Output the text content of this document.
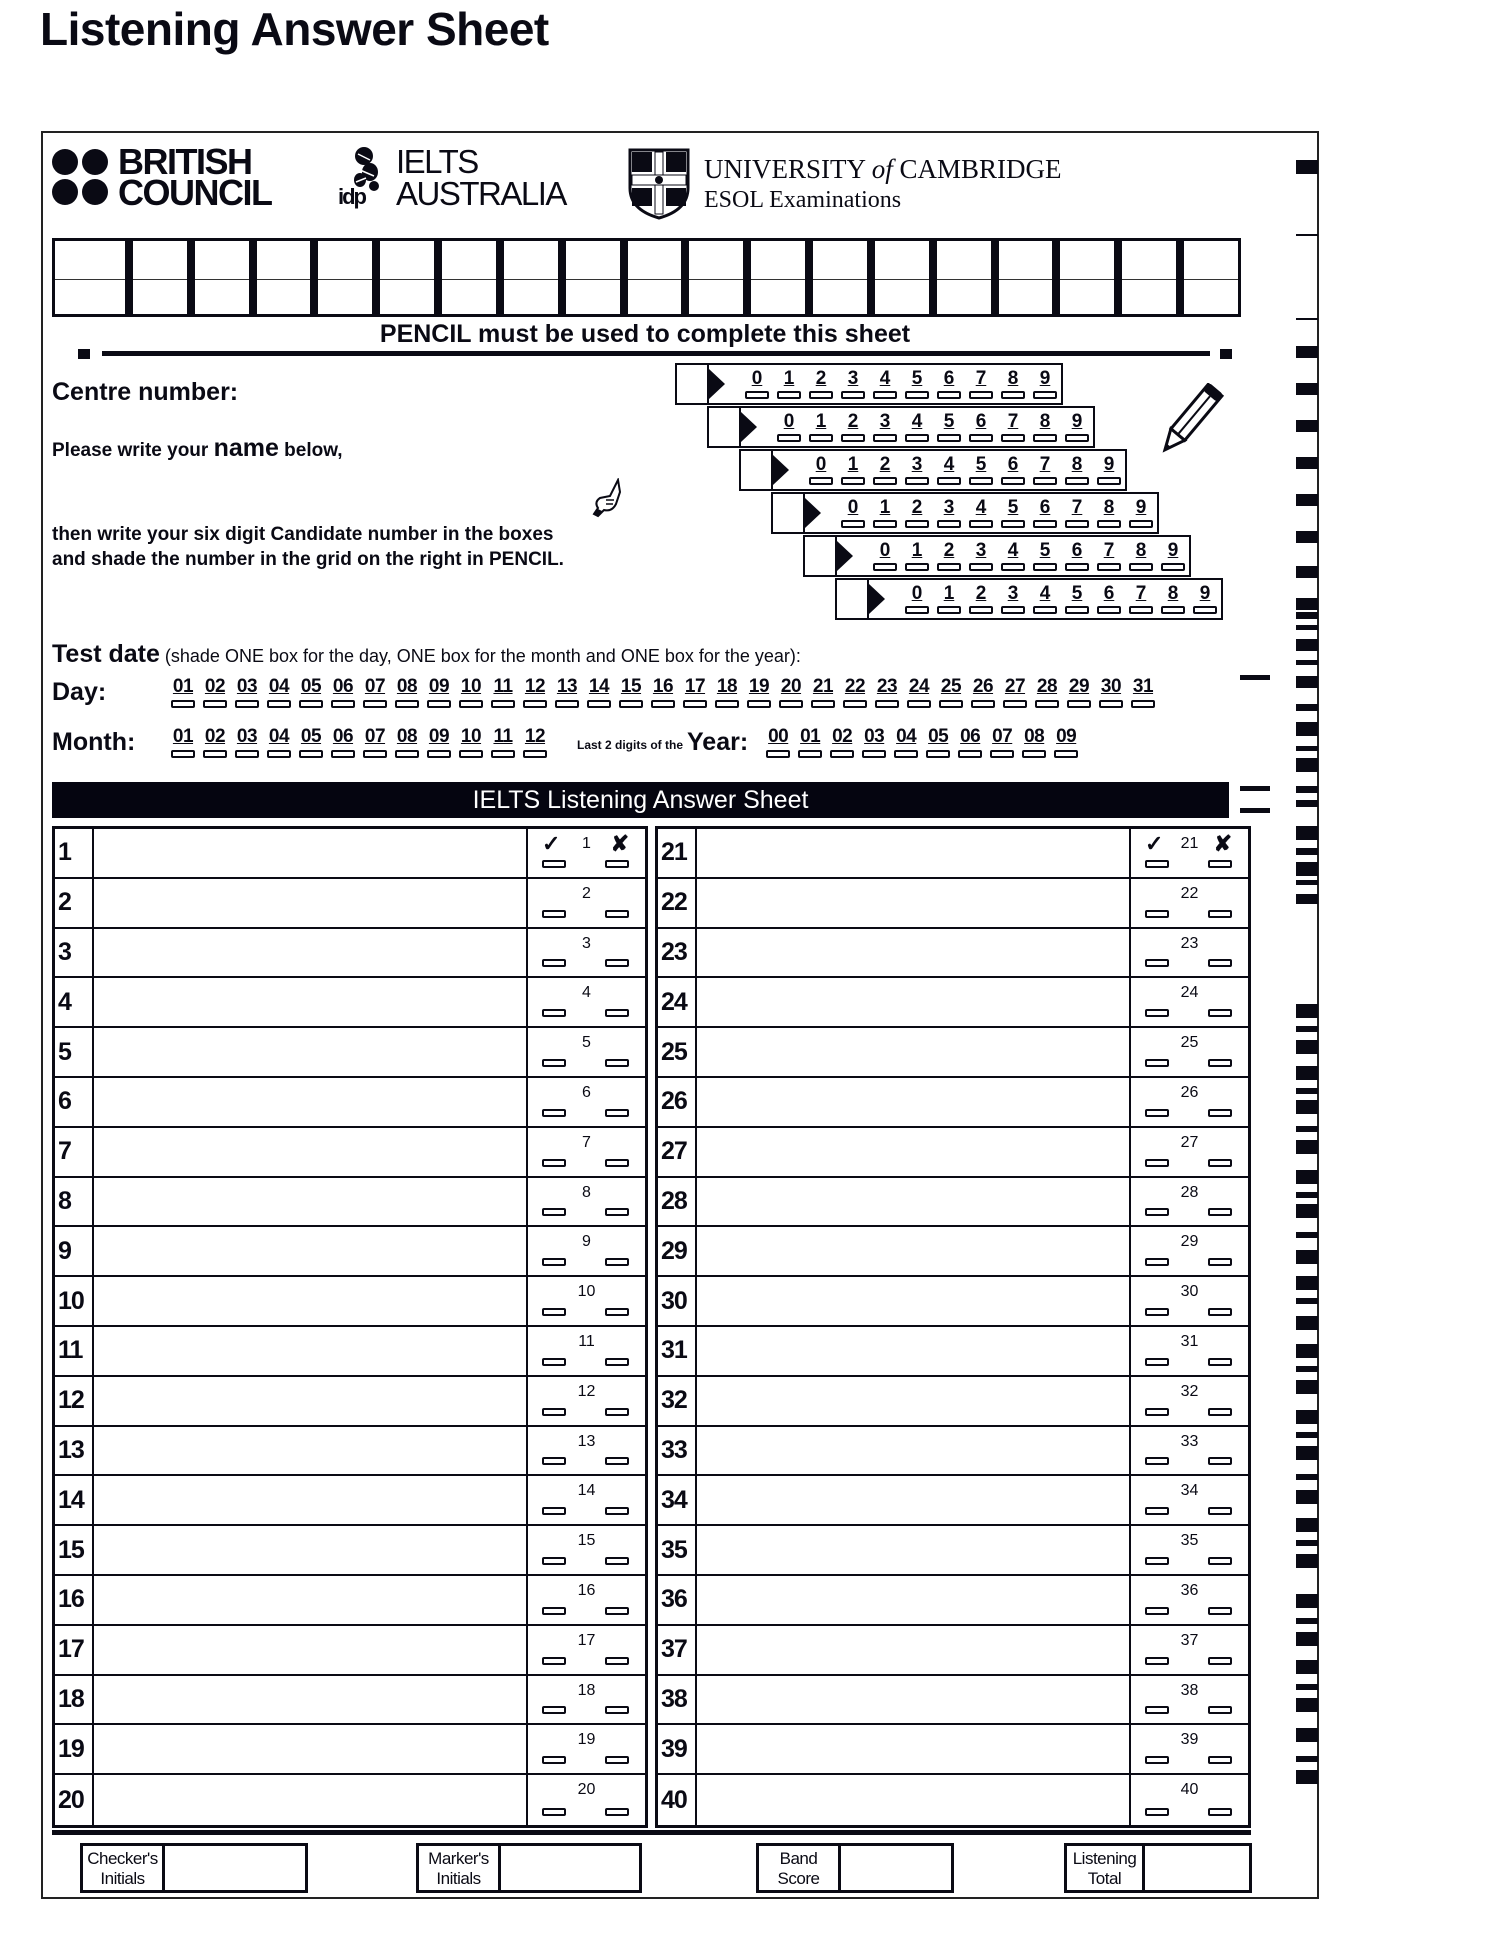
Listening Answer Sheet
BRITISH
COUNCIL	idp
IELTS
AUSTRALIA
UNIVERSITY of CAMBRIDGE
ESOL Examinations
PENCIL must be used to complete this sheet
Centre number:
Please write your name below,
then write your six digit Candidate number in the boxes
and shade the number in the grid on the right in PENCIL.
0 1 2 3 4 5 6 7 8 9
0 1 2 3 4 5 6 7 8 9
0 1 2 3 4 5 6 7 8 9
0 1 2 3 4 5 6 7 8 9
0 1 2 3 4 5 6 7 8 9
0 1 2 3 4 5 6 7 8 9
Test date (shade ONE box for the day, ONE box for the month and ONE box for the year):
Day:	01 02 03 04 05 06 07 08 09 10 11 12 13 14 15 16 17 18 19 20 21 22 23 24 25 26 27 28 29 30 31
Month:	01 02 03 04 05 06 07 08 09 10 11 12	Last 2 digits of the Year: 00 01 02 03 04 05 06 07 08 09
IELTS Listening Answer Sheet
1	1
✓ ✘
2	2
3	3
4	4
5	5
6	6
7	7
8	8
9	9
10	10
11	11
12	12
13	13
14	14
15	15
16	16
17	17
18	18
19	19
20	20
21	21
✓ ✘
22	22
23	23
24	24
25	25
26	26
27	27
28	28
29	29
30	30
31	31
32	32
33	33
34	34
35	35
36	36
37	37
38	38
39	39
40	40
Checker's
Initials
Marker's
Initials
Band
Score
Listening
Total
